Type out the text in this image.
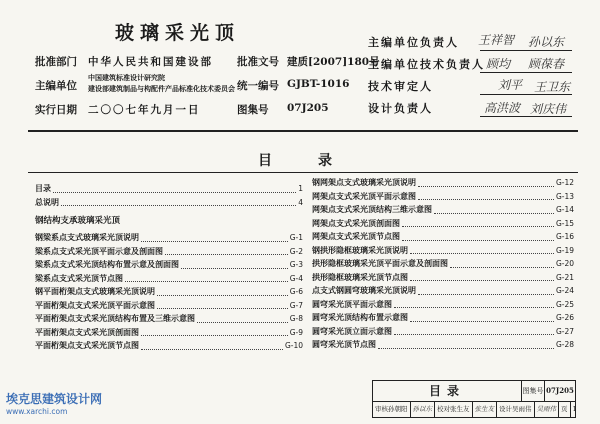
玻璃采光顶
批准部门 中华人民共和国建设部 批准文号 建质[2007]180号
主编单位
中国建筑标准设计研究院
建设部建筑制品与构配件产品标准化技术委员会 统一编号 GJBT-1016
实行日期 二〇〇七年九月一日	图集号 07J205
主编单位负责人 王祥智 孙以东
主编单位技术负责人 顾均 顾葆春
技术审定人	刘平 王卫东
设计负责人	高洪波 刘庆伟
目	录
目录	1
总说明	4
钢结构支承玻璃采光顶
钢梁系点支式玻璃采光顶说明	G-1
梁系点支式采光顶平面示意及剖面图	G-2
梁系点支式采光顶结构布置示意及剖面图	G-3
梁系点支式采光顶节点图	G-4
钢平面桁架点支式玻璃采光顶说明	G-6
平面桁架点支式采光顶平面示意图	G-7
平面桁架点支式采光顶结构布置及三维示意图	G-8
平面桁架点支式采光顶剖面图	G-9
平面桁架点支式采光顶节点图	G-10
钢网架点支式玻璃采光顶说明	G-12
网架点支式采光顶平面示意图	G-13
网架点支式采光顶结构三维示意图	G-14
网架点支式采光顶剖面图	G-15
网架点支式采光顶节点图	G-16
钢拱形隐框玻璃采光顶说明	G-19
拱形隐框玻璃采光顶平面示意及剖面图	G-20
拱形隐框玻璃采光顶节点图	G-21
点支式钢圆穹玻璃采光顶说明	G-24
圆穹采光顶平面示意图	G-25
圆穹采光顶结构布置示意图	G-26
圆穹采光顶立面示意图	G-27
圆穹采光顶节点图	G-28
目录	图集号 07J205
审核孙朝阳 孙以东 校对张生友 张生友 设计吴雨伟 吴雨伟 页 1
埃克思建筑设计网
www.xarchi.com
